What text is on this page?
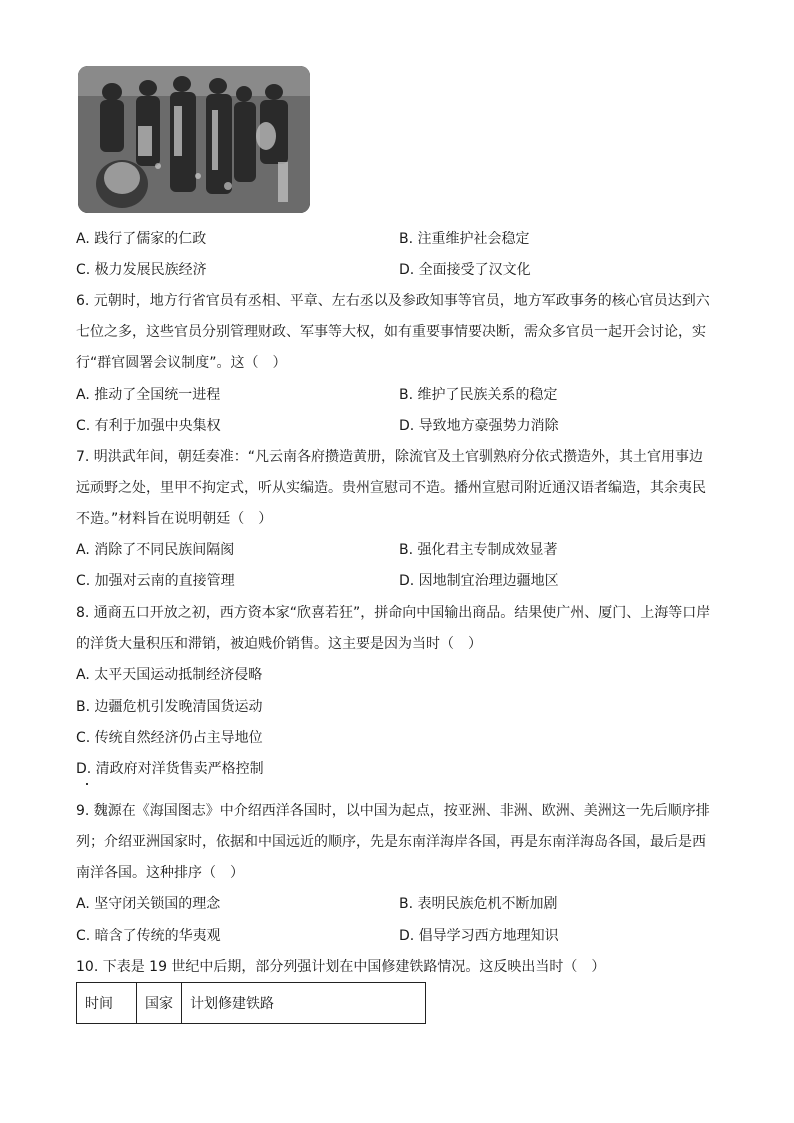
A. 践行了儒家的仁政	B. 注重维护社会稳定
C. 极力发展民族经济	D. 全面接受了汉文化
6. 元朝时，地方行省官员有丞相、平章、左右丞以及参政知事等官员，地方军政事务的核心官员达到六
七位之多，这些官员分别管理财政、军事等大权，如有重要事情要决断，需众多官员一起开会讨论，实
行“群官圆署会议制度”。这（　）
A. 推动了全国统一进程	B. 维护了民族关系的稳定
C. 有利于加强中央集权	D. 导致地方豪强势力消除
7. 明洪武年间，朝廷奏准：“凡云南各府攒造黄册，除流官及土官驯熟府分依式攒造外，其土官用事边
远顽野之处，里甲不拘定式，听从实编造。贵州宣慰司不造。播州宣慰司附近通汉语者编造，其余夷民
不造。”材料旨在说明朝廷（　）
A. 消除了不同民族间隔阂	B. 强化君主专制成效显著
C. 加强对云南的直接管理	D. 因地制宜治理边疆地区
8. 通商五口开放之初，西方资本家“欣喜若狂”，拼命向中国输出商品。结果使广州、厦门、上海等口岸
的洋货大量积压和滞销，被迫贱价销售。这主要是因为当时（　）
A. 太平天国运动抵制经济侵略
B. 边疆危机引发晚清国货运动
C. 传统自然经济仍占主导地位
D. 清政府对洋货售卖严格控制
9. 魏源在《海国图志》中介绍西洋各国时，以中国为起点，按亚洲、非洲、欧洲、美洲这一先后顺序排
列；介绍亚洲国家时，依据和中国远近的顺序，先是东南洋海岸各国，再是东南洋海岛各国，最后是西
南洋各国。这种排序（　）
A. 坚守闭关锁国的理念	B. 表明民族危机不断加剧
C. 暗含了传统的华夷观	D. 倡导学习西方地理知识
10. 下表是 19 世纪中后期，部分列强计划在中国修建铁路情况。这反映出当时（　）
时间	国家	计划修建铁路
